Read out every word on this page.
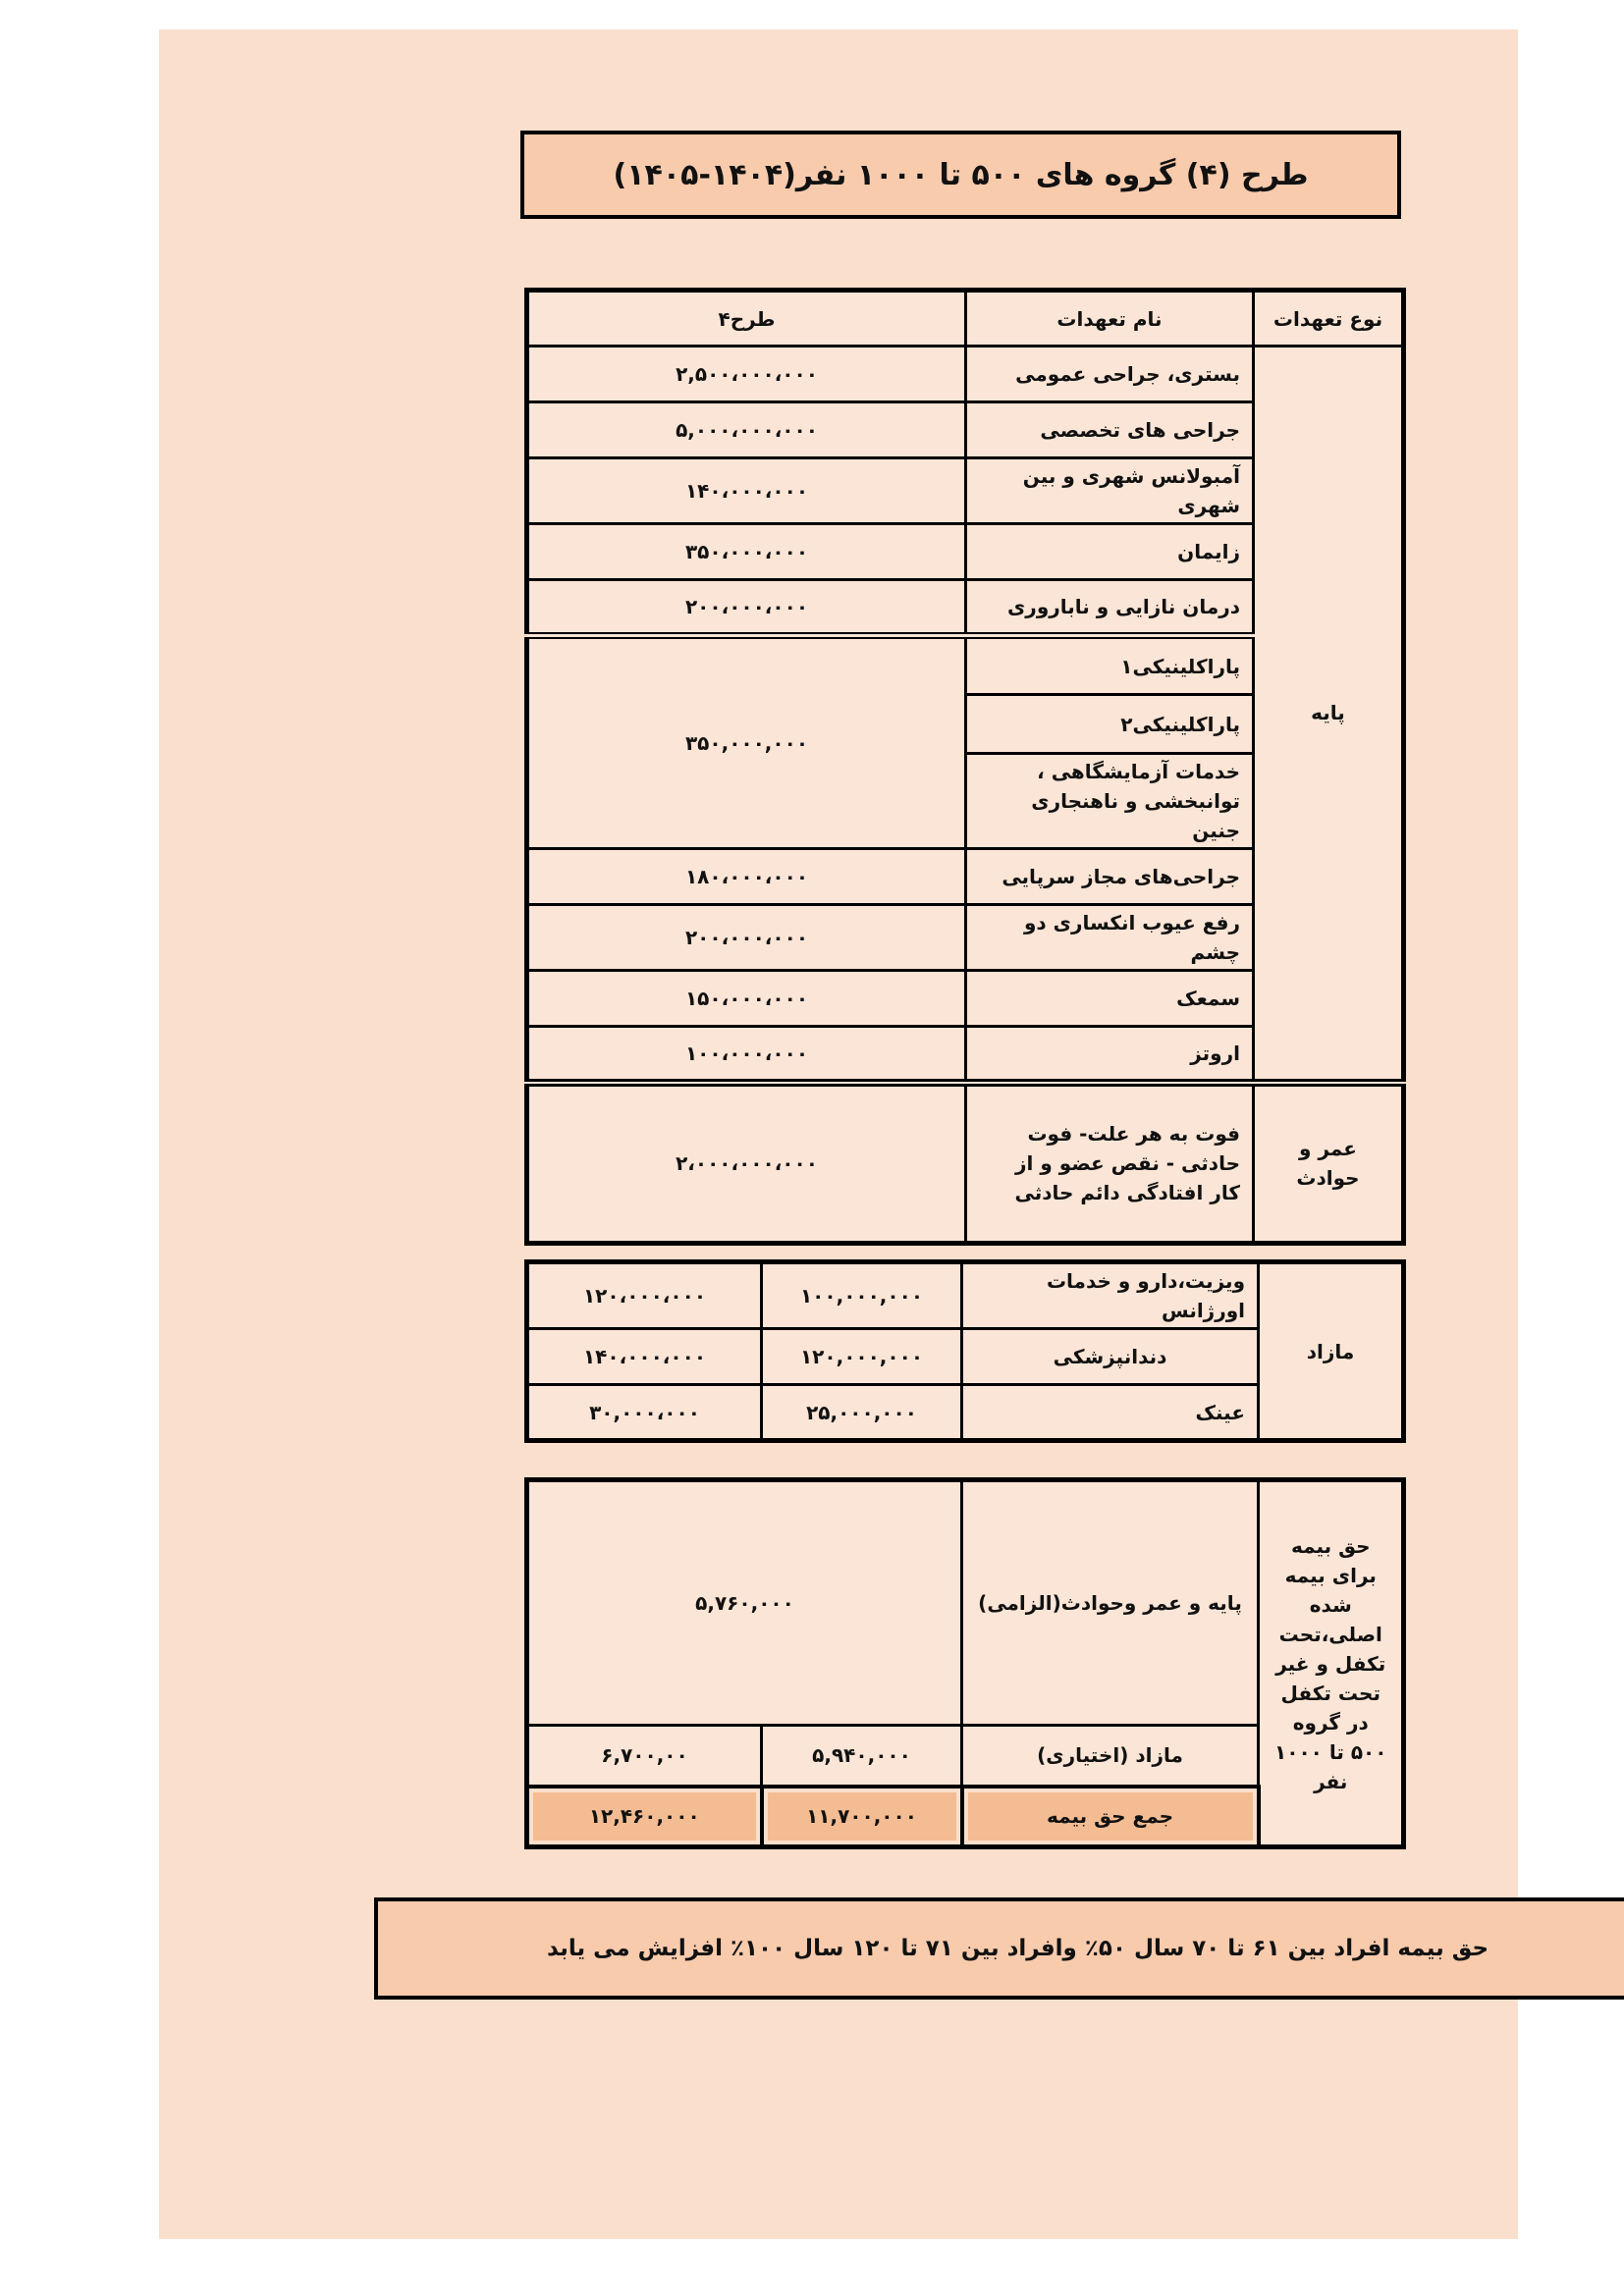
طرح (۴) گروه های ۵۰۰ تا ۱۰۰۰ نفر(۱۴۰۴-۱۴۰۵)
نوع تعهدات	نام تعهدات	طرح۴
پایه	بستری، جراحی عمومی	۲,۵۰۰،۰۰۰،۰۰۰
	جراحی های تخصصی	۵,۰۰۰،۰۰۰،۰۰۰
	آمبولانس شهری و بین شهری	۱۴۰،۰۰۰،۰۰۰
	زایمان	۳۵۰،۰۰۰،۰۰۰
	درمان نازایی و ناباروری	۲۰۰،۰۰۰،۰۰۰
	پاراکلینیکی۱	۳۵۰,۰۰۰,۰۰۰
	پاراکلینیکی۲	
	خدمات آزمایشگاهی ، توانبخشی و ناهنجاری جنین	
	جراحی‌های مجاز سرپایی	۱۸۰،۰۰۰،۰۰۰
	رفع عیوب انکساری دو چشم	۲۰۰،۰۰۰،۰۰۰
	سمعک	۱۵۰،۰۰۰،۰۰۰
	اروتز	۱۰۰،۰۰۰،۰۰۰
عمر و حوادث	فوت به هر علت- فوت حادثی - نقص عضو و از کار افتادگی دائم حادثی	۲،۰۰۰،۰۰۰،۰۰۰
مازاد	ویزیت،دارو و خدمات اورژانس	۱۰۰,۰۰۰,۰۰۰	۱۲۰،۰۰۰،۰۰۰
	دندانپزشکی	۱۲۰,۰۰۰,۰۰۰	۱۴۰،۰۰۰،۰۰۰
	عینک	۲۵,۰۰۰,۰۰۰	۳۰,۰۰۰،۰۰۰
حق بیمه برای بیمه شده اصلی،تحت تکفل و غیر تحت تکفل در گروه ۵۰۰ تا ۱۰۰۰ نفر	پایه و عمر وحوادث(الزامی)	۵,۷۶۰,۰۰۰	
	مازاد (اختیاری)	۵,۹۴۰,۰۰۰	۶,۷۰۰,۰۰
	جمع حق بیمه	۱۱,۷۰۰,۰۰۰	۱۲,۴۶۰,۰۰۰
حق بیمه افراد بین ۶۱ تا ۷۰ سال ۵۰٪ وافراد بین ۷۱ تا ۱۲۰ سال ۱۰۰٪ افزایش می یابد
